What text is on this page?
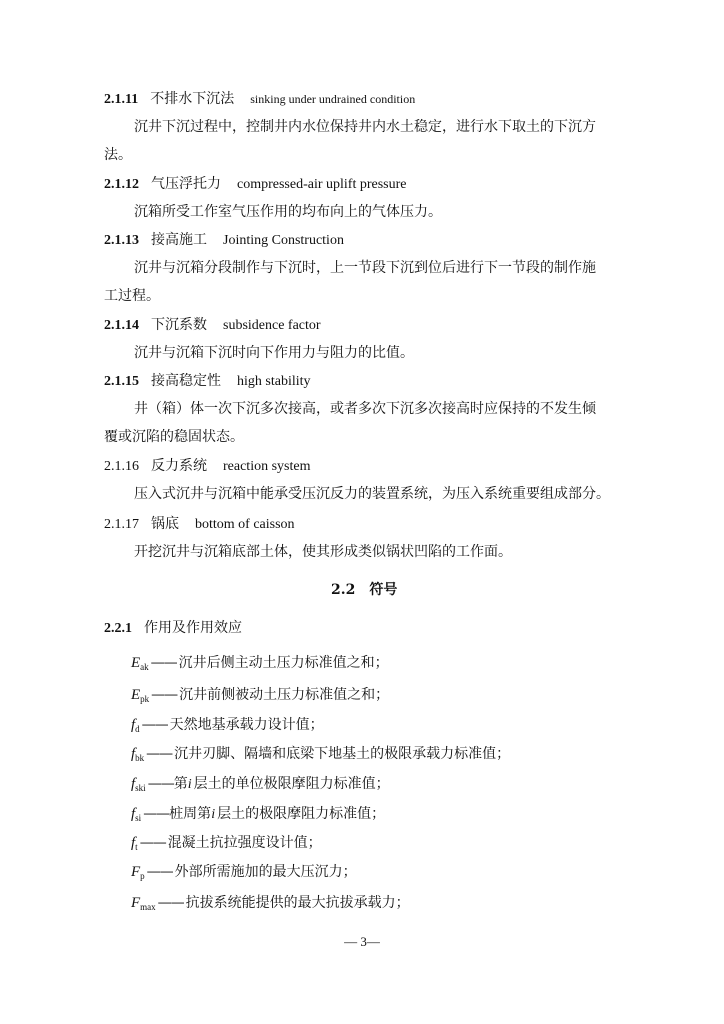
2.1.11 不排水下沉法 sinking under undrained condition
沉井下沉过程中，控制井内水位保持井内水土稳定，进行水下取土的下沉方
法。
2.1.12 气压浮托力 compressed-air uplift pressure
沉箱所受工作室气压作用的均布向上的气体压力。
2.1.13 接高施工 Jointing Construction
沉井与沉箱分段制作与下沉时，上一节段下沉到位后进行下一节段的制作施
工过程。
2.1.14 下沉系数 subsidence factor
沉井与沉箱下沉时向下作用力与阻力的比值。
2.1.15 接高稳定性 high stability
井（箱）体一次下沉多次接高，或者多次下沉多次接高时应保持的不发生倾
覆或沉陷的稳固状态。
2.1.16 反力系统 reaction system
压入式沉井与沉箱中能承受压沉反力的装置系统，为压入系统重要组成部分。
2.1.17 锅底 bottom of caisson
开挖沉井与沉箱底部土体，使其形成类似锅状凹陷的工作面。
2.2 符号
2.2.1 作用及作用效应
$E_{ak}$ —— 沉井后侧主动土压力标准值之和；
$E_{pk}$ —— 沉井前侧被动土压力标准值之和；
$f_d$ —— 天然地基承载力设计值；
$f_{bk}$ —— 沉井刃脚、隔墙和底梁下地基土的极限承载力标准值；
$f_{ski}$ ——第i 层土的单位极限摩阻力标准值；
$f_{si}$ ——桩周第i 层土的极限摩阻力标准值；
$f_t$ —— 混凝土抗拉强度设计值；
$F_p$ —— 外部所需施加的最大压沉力；
$F_{max}$ —— 抗拔系统能提供的最大抗拔承载力；
— 3—
